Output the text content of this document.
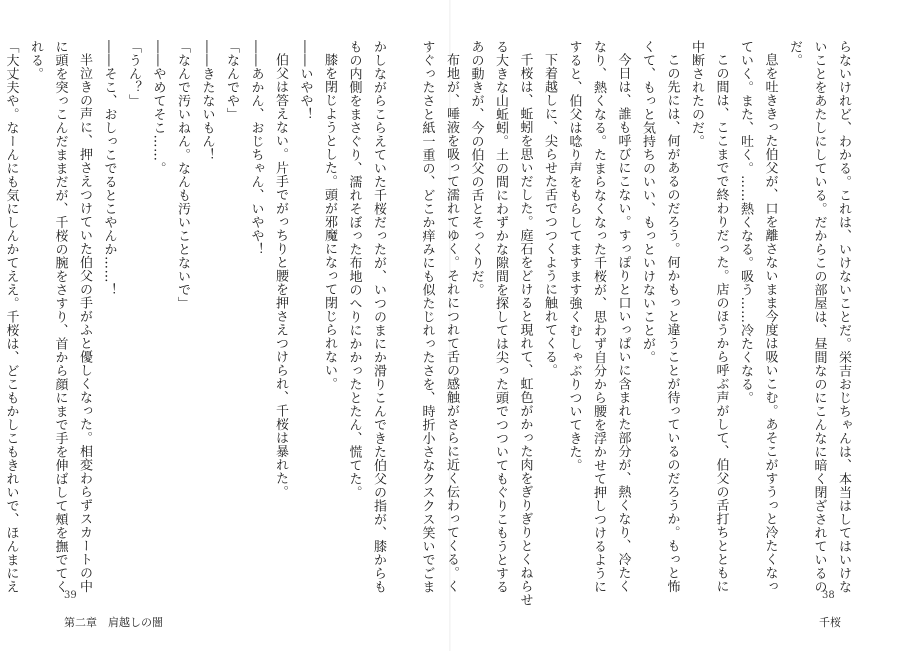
かしながらこらえていた千桜だったが、いつのまにか滑りこんできた伯父の指が、膝からも
もの内側をまさぐり、濡れそぼった布地のへりにかかったとたん、慌てた。
膝を閉じようとした。頭が邪魔になって閉じられない。
――いやや！
伯父は答えない。片手でがっちりと腰を押さえつけられ、千桜は暴れた。
――あかん、おじちゃん、いやや！
「なんでや」
――きたないもん！
「なんで汚いねん。なんも汚いことないで」
――やめてそこ……。
「うん？」
――そこ、おしっこでるとこやんか……！
半泣きの声に、押さえつけていた伯父の手がふと優しくなった。相変わらずスカートの中
に頭を突っこんだままだが、千桜の腕をさすり、首から顔にまで手を伸ばして頰を撫でてく
れる。
「大丈夫や。なーんにも気にしんかてええ。千桜は、どこもかしこもきれいで、ほんまにえ
39
第二章　肩越しの闇
らないけれど、わかる。これは、いけないことだ。栄吉おじちゃんは、本当はしてはいけな
いことをあたしにしている。だからこの部屋は、昼間なのにこんなに暗く閉ざされているの
だ。
息を吐ききった伯父が、口を離さないまま今度は吸いこむ。あそこがすうっと冷たくなっ
ていく。また、吐く。……熱くなる。吸う……冷たくなる。
この間は、ここまでで終わりだった。店のほうから呼ぶ声がして、伯父の舌打ちとともに
中断されたのだ。
この先には、何があるのだろう。何かもっと違うことが待っているのだろうか。もっと怖
くて、もっと気持ちのいい、もっといけないことが。
今日は、誰も呼びにこない。すっぽりと口いっぱいに含まれた部分が、熱くなり、冷たく
なり、熱くなる。たまらなくなった千桜が、思わず自分から腰を浮かせて押しつけるように
すると、伯父は唸り声をもらしてますます強くむしゃぶりついてきた。
下着越しに、尖らせた舌でつつくように触れてくる。
千桜は、蚯蚓を思いだした。庭石をどけると現れて、虹色がかった肉をぎりぎりとくねらせ
る大きな山蚯蚓。土の間にわずかな隙間を探しては尖った頭でつついてもぐりこもうとする
あの動きが、今の伯父の舌とそっくりだ。
布地が、唾液を吸って濡れてゆく。それにつれて舌の感触がさらに近く伝わってくる。く
すぐったさと紙一重の、どこか痒みにも似たじれったさを、時折小さなクスクス笑いでごま
38
千桜
